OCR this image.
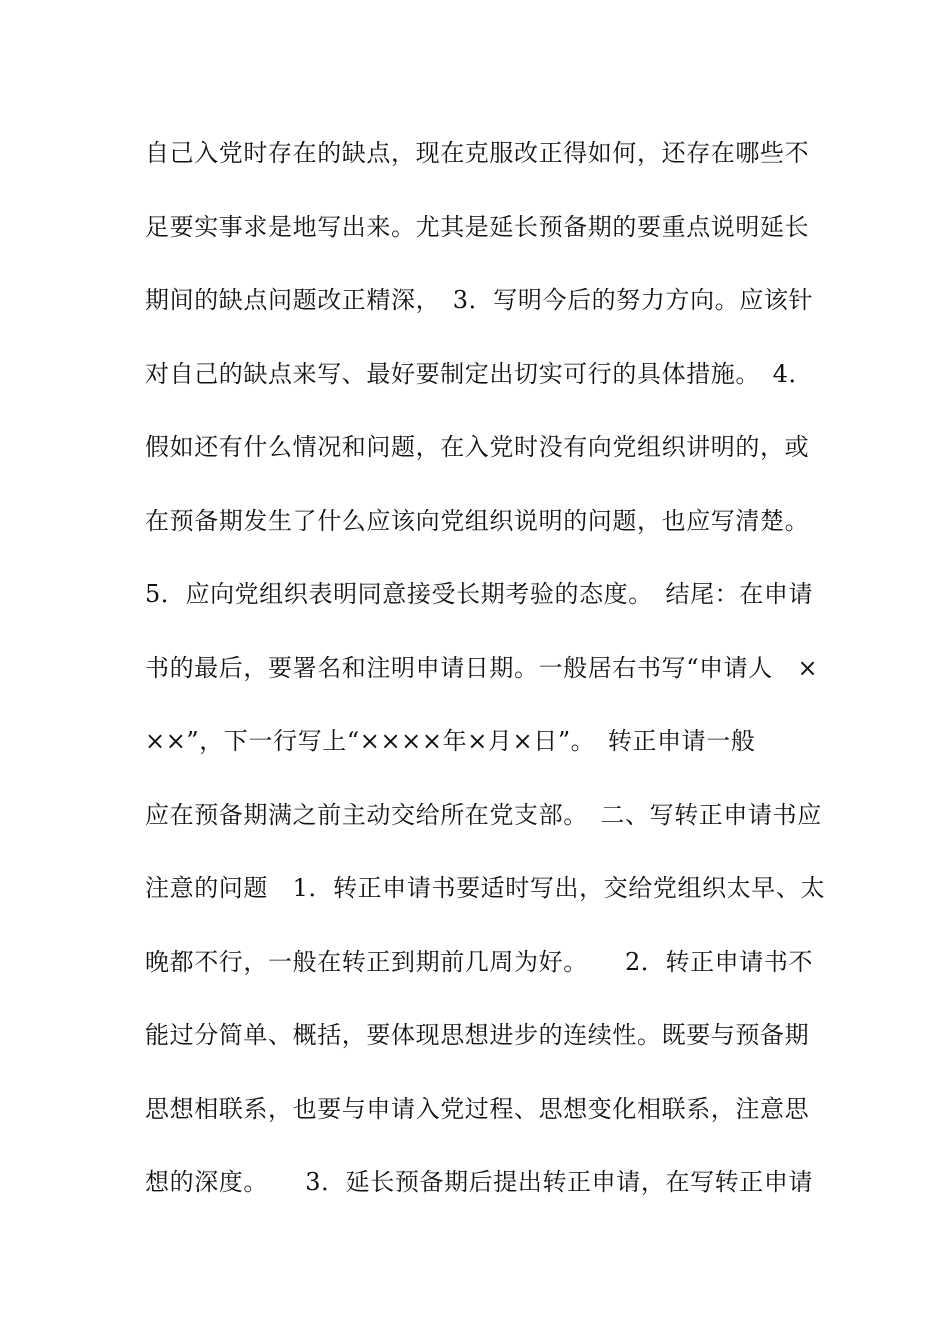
自己入党时存在的缺点，现在克服改正得如何，还存在哪些不
足要实事求是地写出来。尤其是延长预备期的要重点说明延长
期间的缺点问题改正精深，　3．写明今后的努力方向。应该针
对自己的缺点来写、最好要制定出切实可行的具体措施。　4．
假如还有什么情况和问题，在入党时没有向党组织讲明的，或
在预备期发生了什么应该向党组织说明的问题，也应写清楚。
5．应向党组织表明同意接受长期考验的态度。　结尾：在申请
书的最后，要署名和注明申请日期。一般居右书写“申请人　×
××”，下一行写上“××××年×月×日”。　转正申请一般
应在预备期满之前主动交给所在党支部。　二、写转正申请书应
注意的问题　1．转正申请书要适时写出，交给党组织太早、太
晚都不行，一般在转正到期前几周为好。　　2．转正申请书不
能过分简单、概括，要体现思想进步的连续性。既要与预备期
思想相联系，也要与申请入党过程、思想变化相联系，注意思
想的深度。　　3．延长预备期后提出转正申请，在写转正申请
